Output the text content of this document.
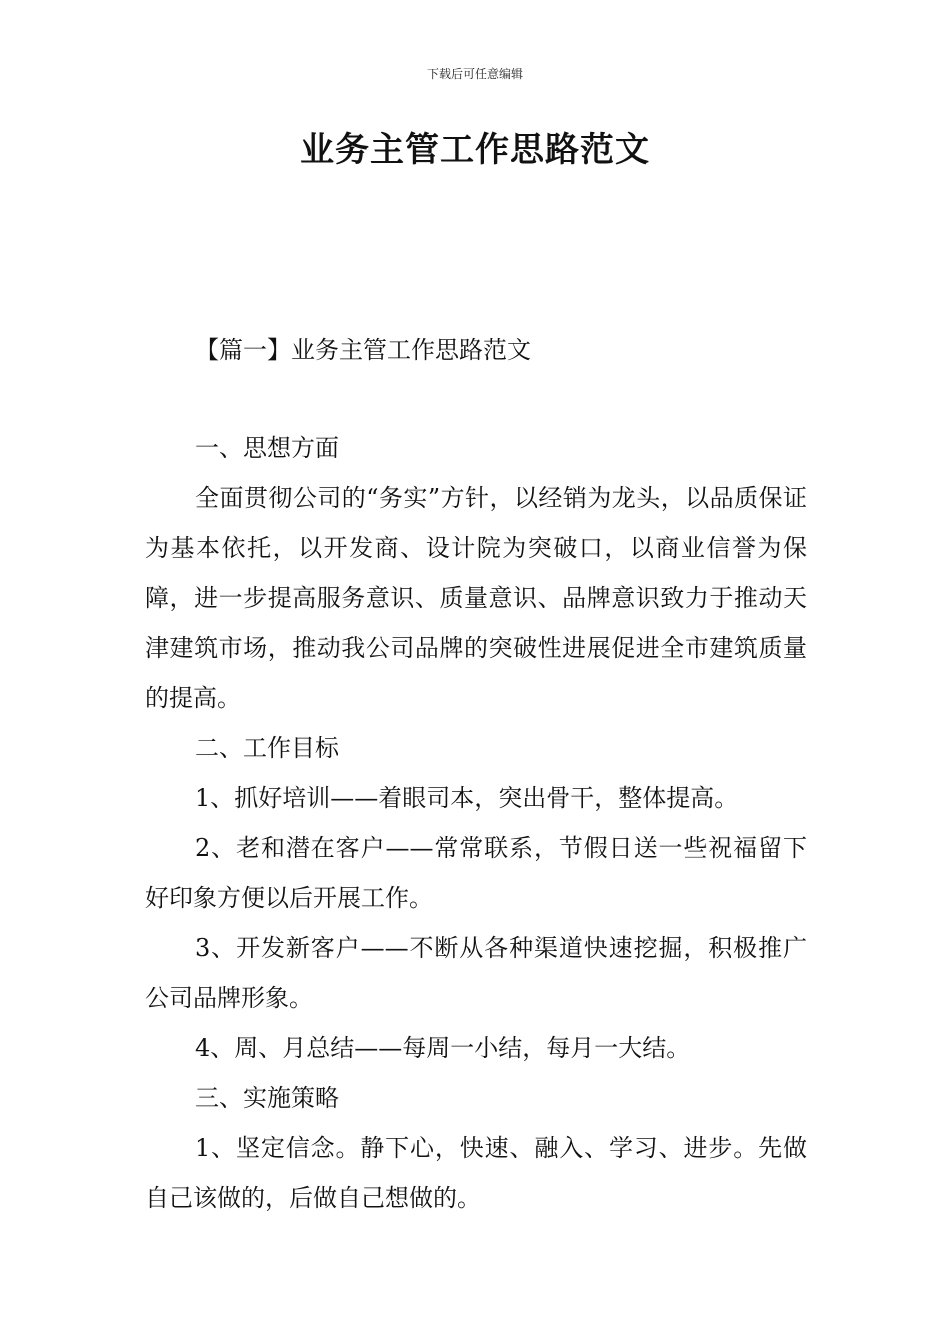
下载后可任意编辑
业务主管工作思路范文
【篇一】业务主管工作思路范文

一、思想方面

全面贯彻公司的“务实”方针，以经销为龙头，以品质保证为基本依托，以开发商、设计院为突破口，以商业信誉为保障，进一步提高服务意识、质量意识、品牌意识致力于推动天津建筑市场，推动我公司品牌的突破性进展促进全市建筑质量的提高。

二、工作目标

1、抓好培训——着眼司本，突出骨干，整体提高。

2、老和潜在客户——常常联系，节假日送一些祝福留下好印象方便以后开展工作。

3、开发新客户——不断从各种渠道快速挖掘，积极推广公司品牌形象。

4、周、月总结——每周一小结，每月一大结。

三、实施策略

1、坚定信念。静下心，快速、融入、学习、进步。先做自己该做的，后做自己想做的。
